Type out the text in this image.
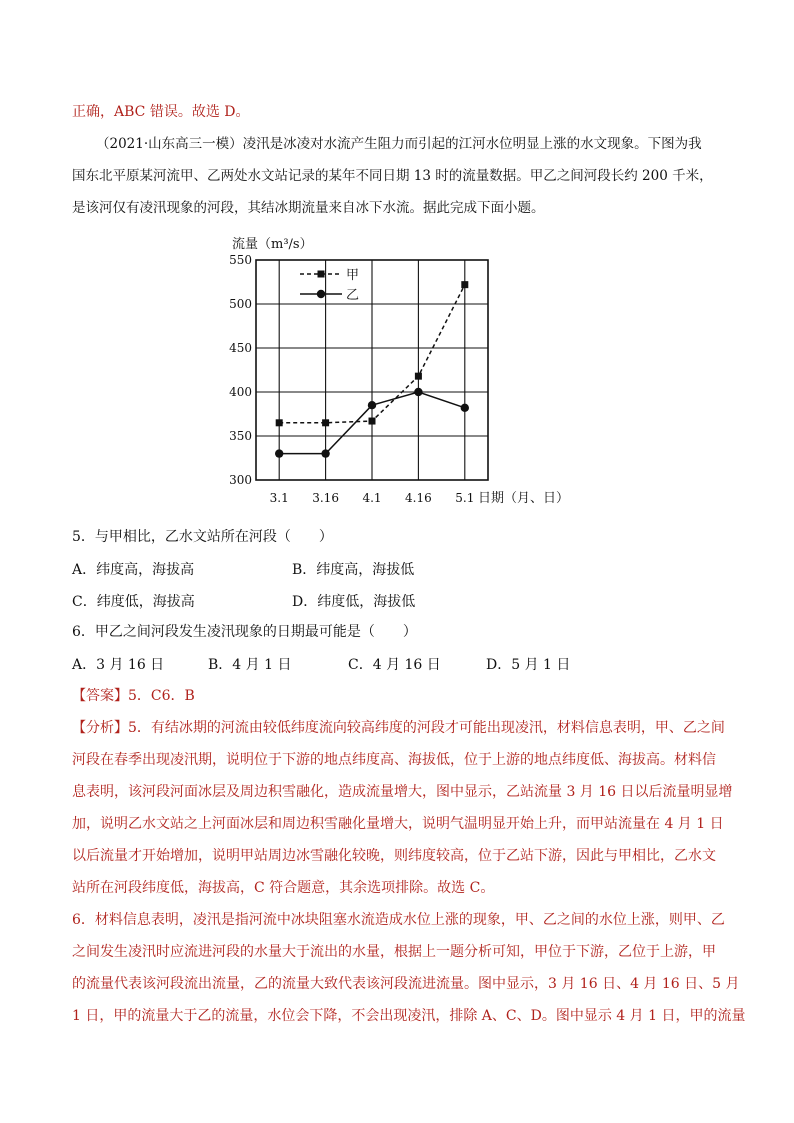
正确，ABC 错误。故选 D。
（2021·山东高三一模）凌汛是冰凌对水流产生阻力而引起的江河水位明显上涨的水文现象。下图为我
国东北平原某河流甲、乙两处水文站记录的某年不同日期 13 时的流量数据。甲乙之间河段长约 200 千米，
是该河仅有凌汛现象的河段，其结冰期流量来自冰下水流。据此完成下面小题。
流量（m³/s）
300
350
400
450
500
550
3.1 3.16 4.1 4.16 5.1 日期（月、日）
甲
乙
5．与甲相比，乙水文站所在河段（　　）
A．纬度高，海拔高	B．纬度高，海拔低
C．纬度低，海拔高	D．纬度低，海拔低
6．甲乙之间河段发生凌汛现象的日期最可能是（　　）
A．3 月 16 日	B．4 月 1 日	C．4 月 16 日	D．5 月 1 日
【答案】5．C6．B
【分析】5．有结冰期的河流由较低纬度流向较高纬度的河段才可能出现凌汛，材料信息表明，甲、乙之间
河段在春季出现凌汛期，说明位于下游的地点纬度高、海拔低，位于上游的地点纬度低、海拔高。材料信
息表明，该河段河面冰层及周边积雪融化，造成流量增大，图中显示，乙站流量 3 月 16 日以后流量明显增
加，说明乙水文站之上河面冰层和周边积雪融化量增大，说明气温明显开始上升，而甲站流量在 4 月 1 日
以后流量才开始增加，说明甲站周边冰雪融化较晚，则纬度较高，位于乙站下游，因此与甲相比，乙水文
站所在河段纬度低，海拔高，C 符合题意，其余选项排除。故选 C。
6．材料信息表明，凌汛是指河流中冰块阻塞水流造成水位上涨的现象，甲、乙之间的水位上涨，则甲、乙
之间发生凌汛时应流进河段的水量大于流出的水量，根据上一题分析可知，甲位于下游，乙位于上游，甲
的流量代表该河段流出流量，乙的流量大致代表该河段流进流量。图中显示，3 月 16 日、4 月 16 日、5 月
1 日，甲的流量大于乙的流量，水位会下降，不会出现凌汛，排除 A、C、D。图中显示 4 月 1 日，甲的流量
